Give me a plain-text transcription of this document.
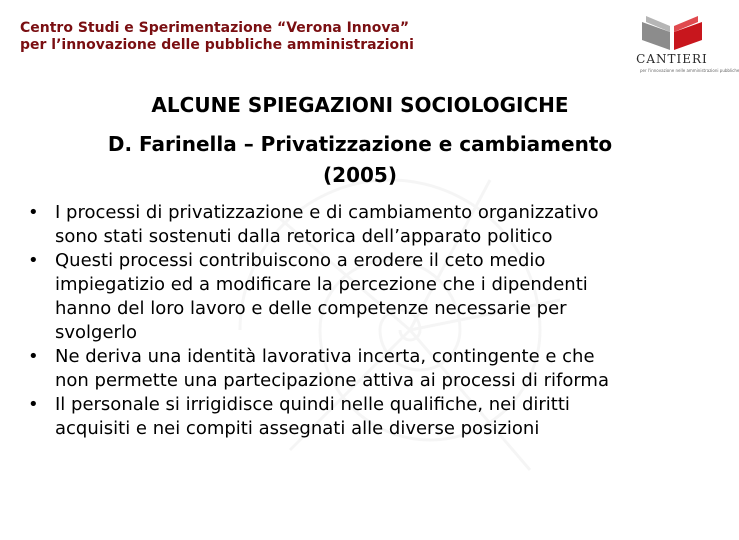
Centro Studi e Sperimentazione “Verona Innova”
per l’innovazione delle pubbliche amministrazioni
CANTIERI
per l'innovazione nelle amministrazioni pubbliche
ALCUNE SPIEGAZIONI SOCIOLOGICHE
D. Farinella – Privatizzazione e cambiamento
(2005)
• I processi di privatizzazione e di cambiamento organizzativo
sono stati sostenuti dalla retorica dell’apparato politico
• Questi processi contribuiscono a erodere il ceto medio
impiegatizio ed a modificare la percezione che i dipendenti
hanno del loro lavoro e delle competenze necessarie per
svolgerlo
• Ne deriva una identità lavorativa incerta, contingente e che
non permette una partecipazione attiva ai processi di riforma
• Il personale si irrigidisce quindi nelle qualifiche, nei diritti
acquisiti e nei compiti assegnati alle diverse posizioni
